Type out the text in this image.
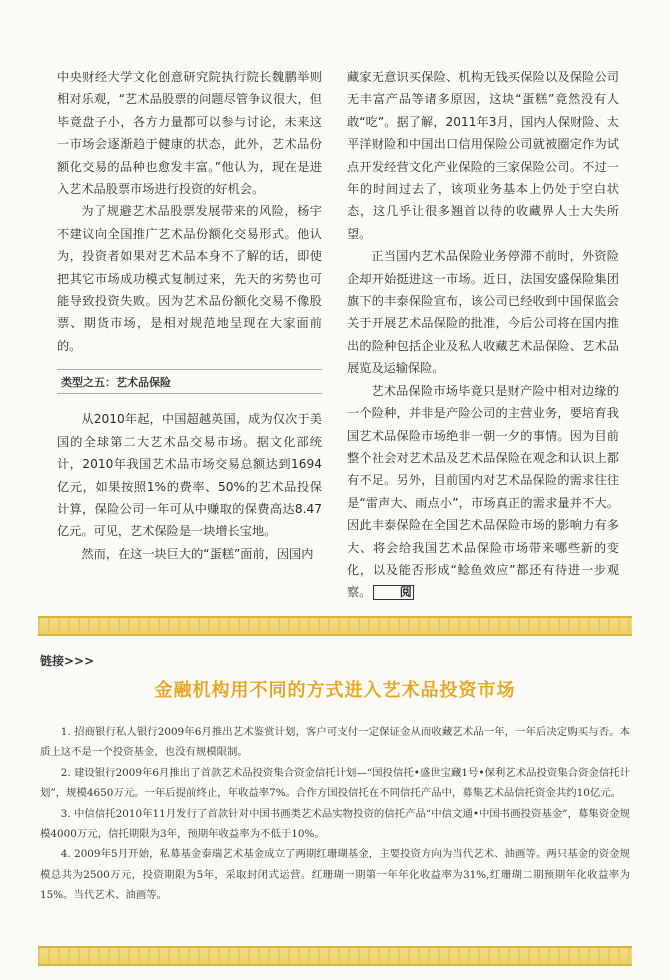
中央财经大学文化创意研究院执行院长魏鹏举则相对乐观，“艺术品股票的问题尽管争议很大，但毕竟盘子小，各方力量都可以参与讨论，未来这一市场会逐渐趋于健康的状态，此外，艺术品份额化交易的品种也愈发丰富。”他认为，现在是进入艺术品股票市场进行投资的好机会。

为了规避艺术品股票发展带来的风险，杨宇不建议向全国推广艺术品份额化交易形式。他认为，投资者如果对艺术品本身不了解的话，即使把其它市场成功模式复制过来，先天的劣势也可能导致投资失败。因为艺术品份额化交易不像股票、期货市场，是相对规范地呈现在大家面前的。

类型之五：艺术品保险

从2010年起，中国超越英国，成为仅次于美国的全球第二大艺术品交易市场。据文化部统计，2010年我国艺术品市场交易总额达到1694亿元，如果按照1%的费率、50%的艺术品投保计算，保险公司一年可从中赚取的保费高达8.47亿元。可见，艺术保险是一块增长宝地。

然而，在这一块巨大的“蛋糕”面前，因国内

藏家无意识买保险、机构无钱买保险以及保险公司无丰富产品等诸多原因，这块“蛋糕”竟然没有人敢“吃”。据了解，2011年3月，国内人保财险、太平洋财险和中国出口信用保险公司就被圈定作为试点开发经营文化产业保险的三家保险公司。不过一年的时间过去了，该项业务基本上仍处于空白状态，这几乎让很多翘首以待的收藏界人士大失所望。

正当国内艺术品保险业务停滞不前时，外资险企却开始挺进这一市场。近日，法国安盛保险集团旗下的丰泰保险宣布，该公司已经收到中国保监会关于开展艺术品保险的批准，今后公司将在国内推出的险种包括企业及私人收藏艺术品保险、艺术品展览及运输保险。

艺术品保险市场毕竟只是财产险中相对边缘的一个险种，并非是产险公司的主营业务，要培育我国艺术品保险市场绝非一朝一夕的事情。因为目前整个社会对艺术品及艺术品保险在观念和认识上都有不足。另外，目前国内对艺术品保险的需求往往是“雷声大、雨点小”，市场真正的需求量并不大。因此丰泰保险在全国艺术品保险市场的影响力有多大、将会给我国艺术品保险市场带来哪些新的变化，以及能否形成“鲶鱼效应”都还有待进一步观察。 阅

链接>>>
金融机构用不同的方式进入艺术品投资市场

1. 招商银行私人银行2009年6月推出艺术鉴赏计划，客户可支付一定保证金从而收藏艺术品一年，一年后决定购买与否。本质上这不是一个投资基金，也没有规模限制。

2. 建设银行2009年6月推出了首款艺术品投资集合资金信托计划—“国投信托•盛世宝藏1号•保利艺术品投资集合资金信托计划”，规模4650万元。一年后提前终止，年收益率7%。合作方国投信托在不同信托产品中，募集艺术品信托资金共约10亿元。

3. 中信信托2010年11月发行了首款针对中国书画类艺术品实物投资的信托产品“中信文通•中国书画投资基金”，募集资金规模4000万元，信托期限为3年，预期年收益率为不低于10%。

4. 2009年5月开始，私募基金泰瑞艺术基金成立了两期红珊瑚基金，主要投资方向为当代艺术、油画等。两只基金的资金规模总共为2500万元，投资期限为5年，采取封闭式运营。红珊瑚一期第一年年化收益率为31%,红珊瑚二期预期年化收益率为15%。当代艺术、油画等。
